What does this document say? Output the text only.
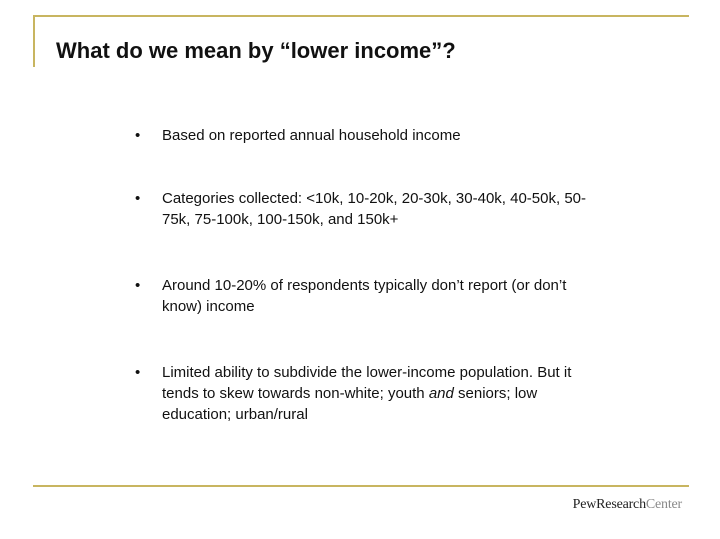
What do we mean by “lower income”?
•	Based on reported annual household income
•	Categories collected: <10k, 10-20k, 20-30k, 30-40k, 40-50k, 50-75k, 75-100k, 100-150k, and 150k+
•	Around 10-20% of respondents typically don’t report (or don’t know) income
•	Limited ability to subdivide the lower-income population. But it tends to skew towards non-white; youth and seniors; low education; urban/rural
PewResearchCenter
